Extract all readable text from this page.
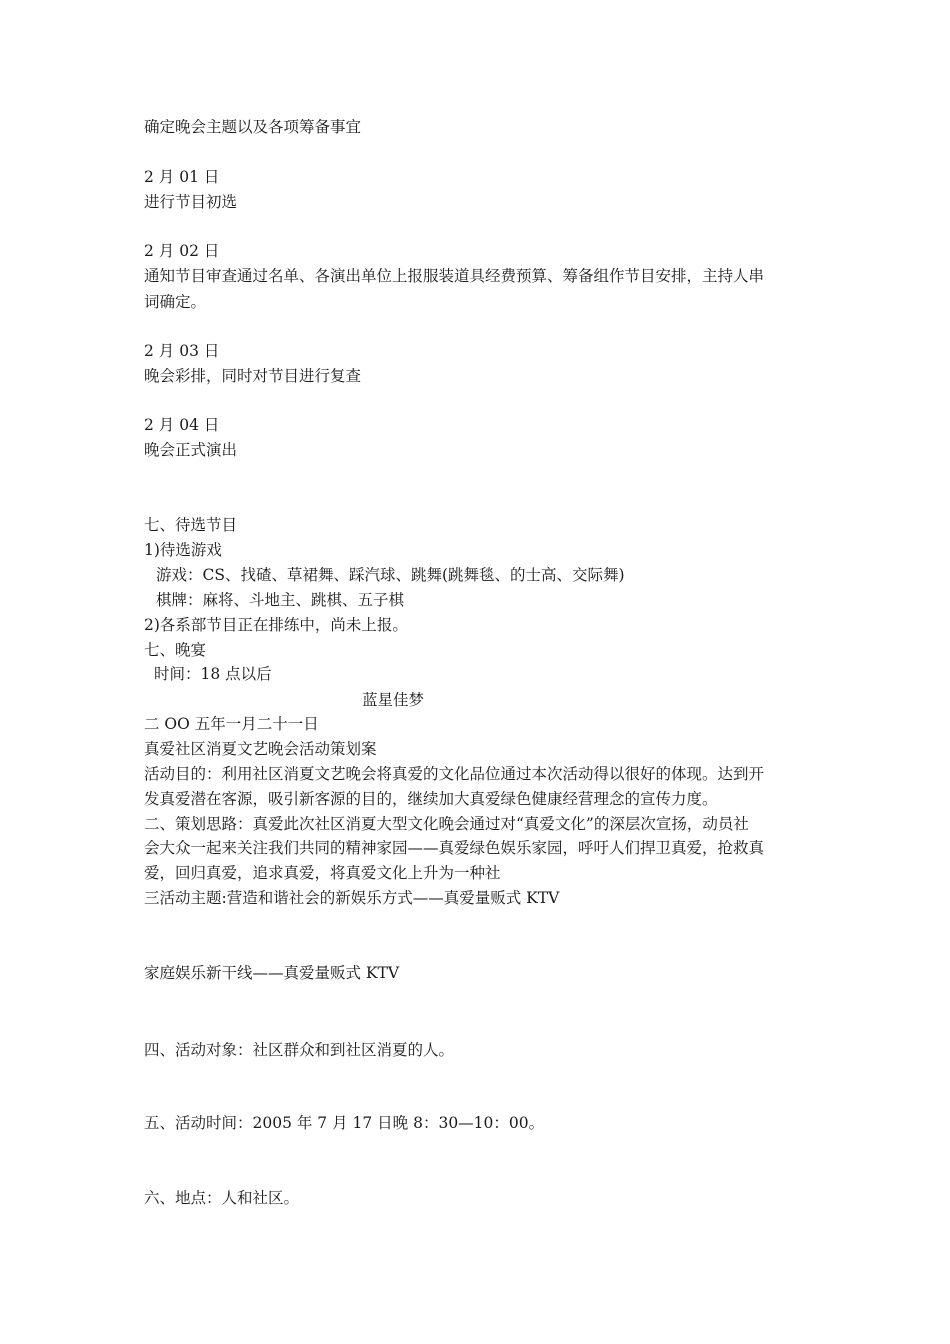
确定晚会主题以及各项筹备事宜
2 月 01 日
进行节目初选
2 月 02 日
通知节目审查通过名单、各演出单位上报服装道具经费预算、筹备组作节目安排，主持人串
词确定。
2 月 03 日
晚会彩排，同时对节目进行复查
2 月 04 日
晚会正式演出
七、待选节目
1)待选游戏
游戏：CS、找碴、草裙舞、踩汽球、跳舞(跳舞毯、的士高、交际舞)
棋牌：麻将、斗地主、跳棋、五子棋
2)各系部节目正在排练中，尚未上报。
七、晚宴
时间：18 点以后
蓝星佳梦
二 OO 五年一月二十一日
真爱社区消夏文艺晚会活动策划案
活动目的：利用社区消夏文艺晚会将真爱的文化品位通过本次活动得以很好的体现。达到开
发真爱潜在客源，吸引新客源的目的，继续加大真爱绿色健康经营理念的宣传力度。
二、策划思路：真爱此次社区消夏大型文化晚会通过对“真爱文化”的深层次宣扬，动员社
会大众一起来关注我们共同的精神家园——真爱绿色娱乐家园，呼吁人们捍卫真爱，抢救真
爱，回归真爱，追求真爱，将真爱文化上升为一种社
三活动主题:营造和谐社会的新娱乐方式——真爱量贩式 KTV
家庭娱乐新干线——真爱量贩式 KTV
四、活动对象：社区群众和到社区消夏的人。
五、活动时间：2005 年 7 月 17 日晚 8：30—10：00。
六、地点：人和社区。
